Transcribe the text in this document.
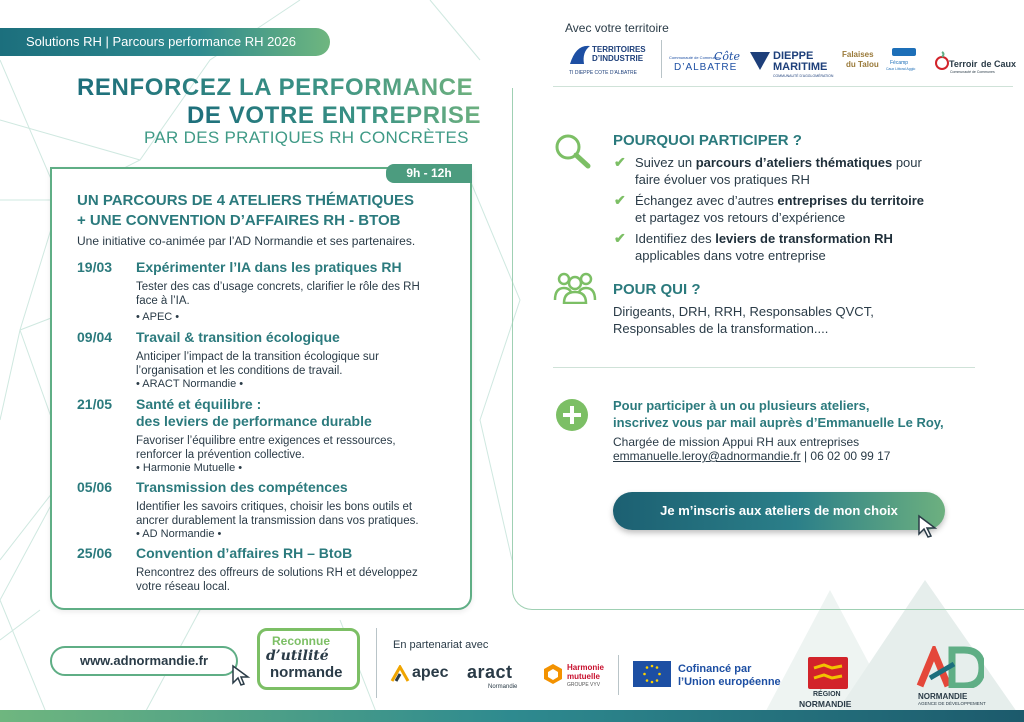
Solutions RH | Parcours performance RH 2026
RENFORCEZ LA PERFORMANCE
DE VOTRE ENTREPRISE
PAR DES PRATIQUES RH CONCRÈTES
9h - 12h
UN PARCOURS DE 4 ATELIERS THÉMATIQUES
+ UNE CONVENTION D’AFFAIRES RH - BTOB
Une initiative co-animée par l’AD Normandie et ses partenaires.
19/03 Expérimenter l’IA dans les pratiques RH
Tester des cas d’usage concrets, clarifier le rôle des RH
face à l’IA.
• APEC •
09/04 Travail & transition écologique
Anticiper l’impact de la transition écologique sur
l’organisation et les conditions de travail.
• ARACT Normandie •
21/05 Santé et équilibre :
des leviers de performance durable
Favoriser l’équilibre entre exigences et ressources,
renforcer la prévention collective.
• Harmonie Mutuelle •
05/06 Transmission des compétences
Identifier les savoirs critiques, choisir les bons outils et
ancrer durablement la transmission dans vos pratiques.
• AD Normandie •
25/06 Convention d’affaires RH – BtoB
Rencontrez des offreurs de solutions RH et développez
votre réseau local.
www.adnormandie.fr
Reconnue
d’utilité
normande
En partenariat avec
apec aract
Normandie
Harmonie
mutuelle
GROUPE VYV
Cofinancé par
l’Union européenne
RÉGION
NORMANDIE
NORMANDIE
AGENCE DE DÉVELOPPEMENT
Avec votre territoire
TERRITOIRES
D’INDUSTRIE
TI DIEPPE COTE D’ALBATRE
Côte
D’ALBATRE
Communauté de Communes	DIEPPE
MARITIME
COMMUNAUTÉ D’AGGLOMÉRATION
Falaises
du Talou Fécamp
Caux Littoral Agglo	Terroir de Caux
Communauté de Communes
POURQUOI PARTICIPER ?
✔ Suivez un parcours d’ateliers thématiques pour
faire évoluer vos pratiques RH
✔ Échangez avec d’autres entreprises du territoire
et partagez vos retours d’expérience
✔ Identifiez des leviers de transformation RH
applicables dans votre entreprise
POUR QUI ?
Dirigeants, DRH, RRH, Responsables QVCT,
Responsables de la transformation....
Pour participer à un ou plusieurs ateliers,
inscrivez vous par mail auprès d’Emmanuelle Le Roy,
Chargée de mission Appui RH aux entreprises
emmanuelle.leroy@adnormandie.fr | 06 02 00 99 17
Je m’inscris aux ateliers de mon choix
